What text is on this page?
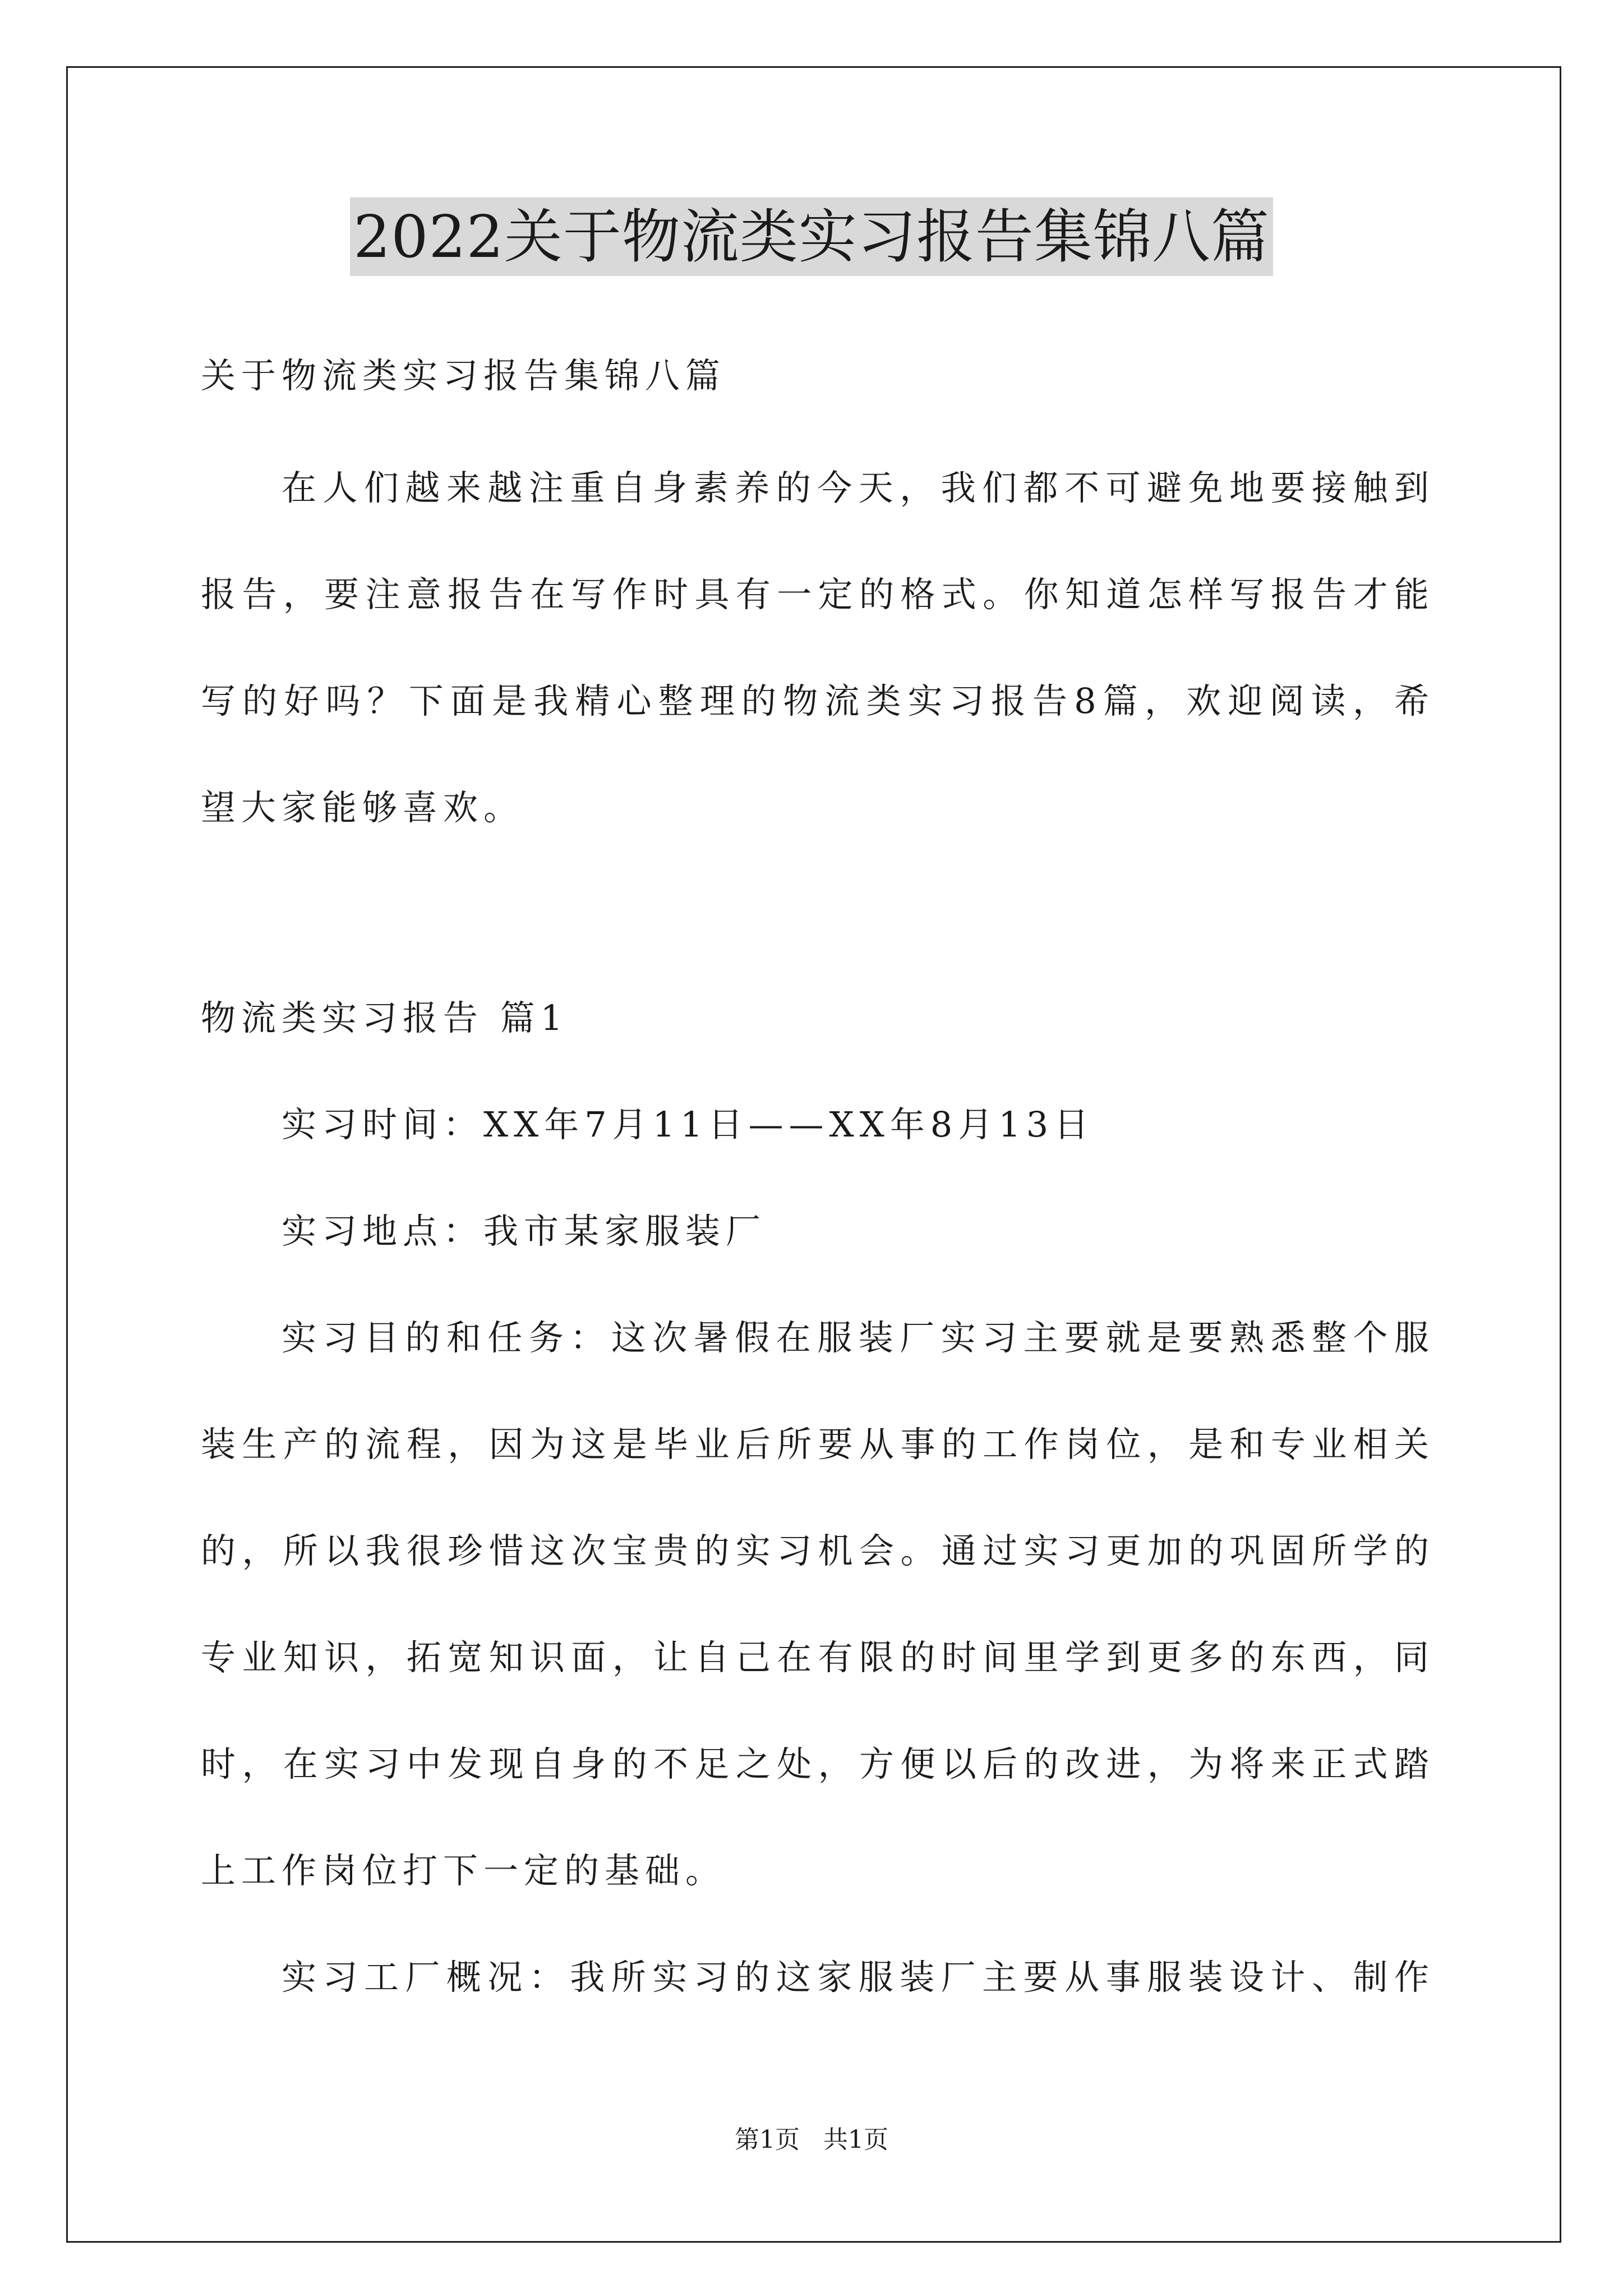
2022关于物流类实习报告集锦八篇
关于物流类实习报告集锦八篇
在人们越来越注重自身素养的今天，我们都不可避免地要接触到
报告，要注意报告在写作时具有一定的格式。你知道怎样写报告才能
写的好吗？下面是我精心整理的物流类实习报告8篇，欢迎阅读，希
望大家能够喜欢。
物流类实习报告 篇1
实习时间：XX年7月11日——XX年8月13日
实习地点：我市某家服装厂
实习目的和任务：这次暑假在服装厂实习主要就是要熟悉整个服
装生产的流程，因为这是毕业后所要从事的工作岗位，是和专业相关
的，所以我很珍惜这次宝贵的实习机会。通过实习更加的巩固所学的
专业知识，拓宽知识面，让自己在有限的时间里学到更多的东西，同
时，在实习中发现自身的不足之处，方便以后的改进，为将来正式踏
上工作岗位打下一定的基础。
实习工厂概况：我所实习的这家服装厂主要从事服装设计、制作
第1页   共1页
